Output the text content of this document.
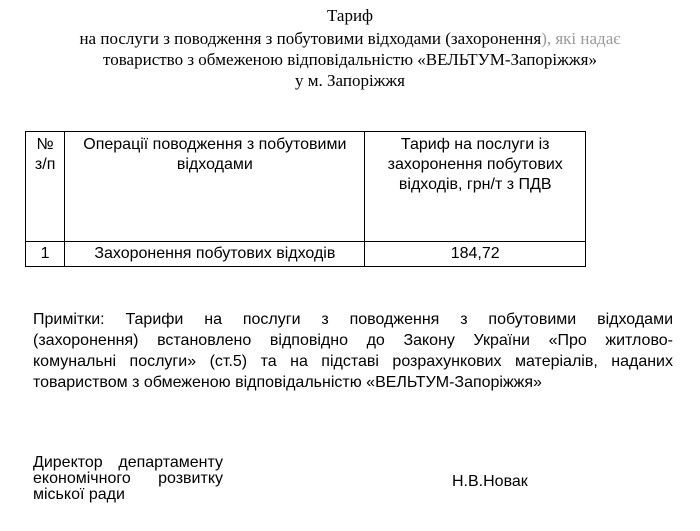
Тариф
на послуги з поводження з побутовими відходами (захоронення), які надає
товариство з обмеженою відповідальністю «ВЕЛЬТУМ-Запоріжжя»
у м. Запоріжжя
№ з/п	Операції поводження з побутовими відходами	Тариф на послуги із захоронення побутових відходів, грн/т з ПДВ
1	Захоронення побутових відходів	184,72
Примітки: Тарифи на послуги з поводження з побутовими відходами
(захоронення) встановлено відповідно до Закону України «Про житлово-
комунальні послуги» (ст.5) та на підставі розрахункових матеріалів, наданих
товариством з обмеженою відповідальністю «ВЕЛЬТУМ-Запоріжжя»
Директор департаменту
економічного розвитку
міської ради
Н.В.Новак
